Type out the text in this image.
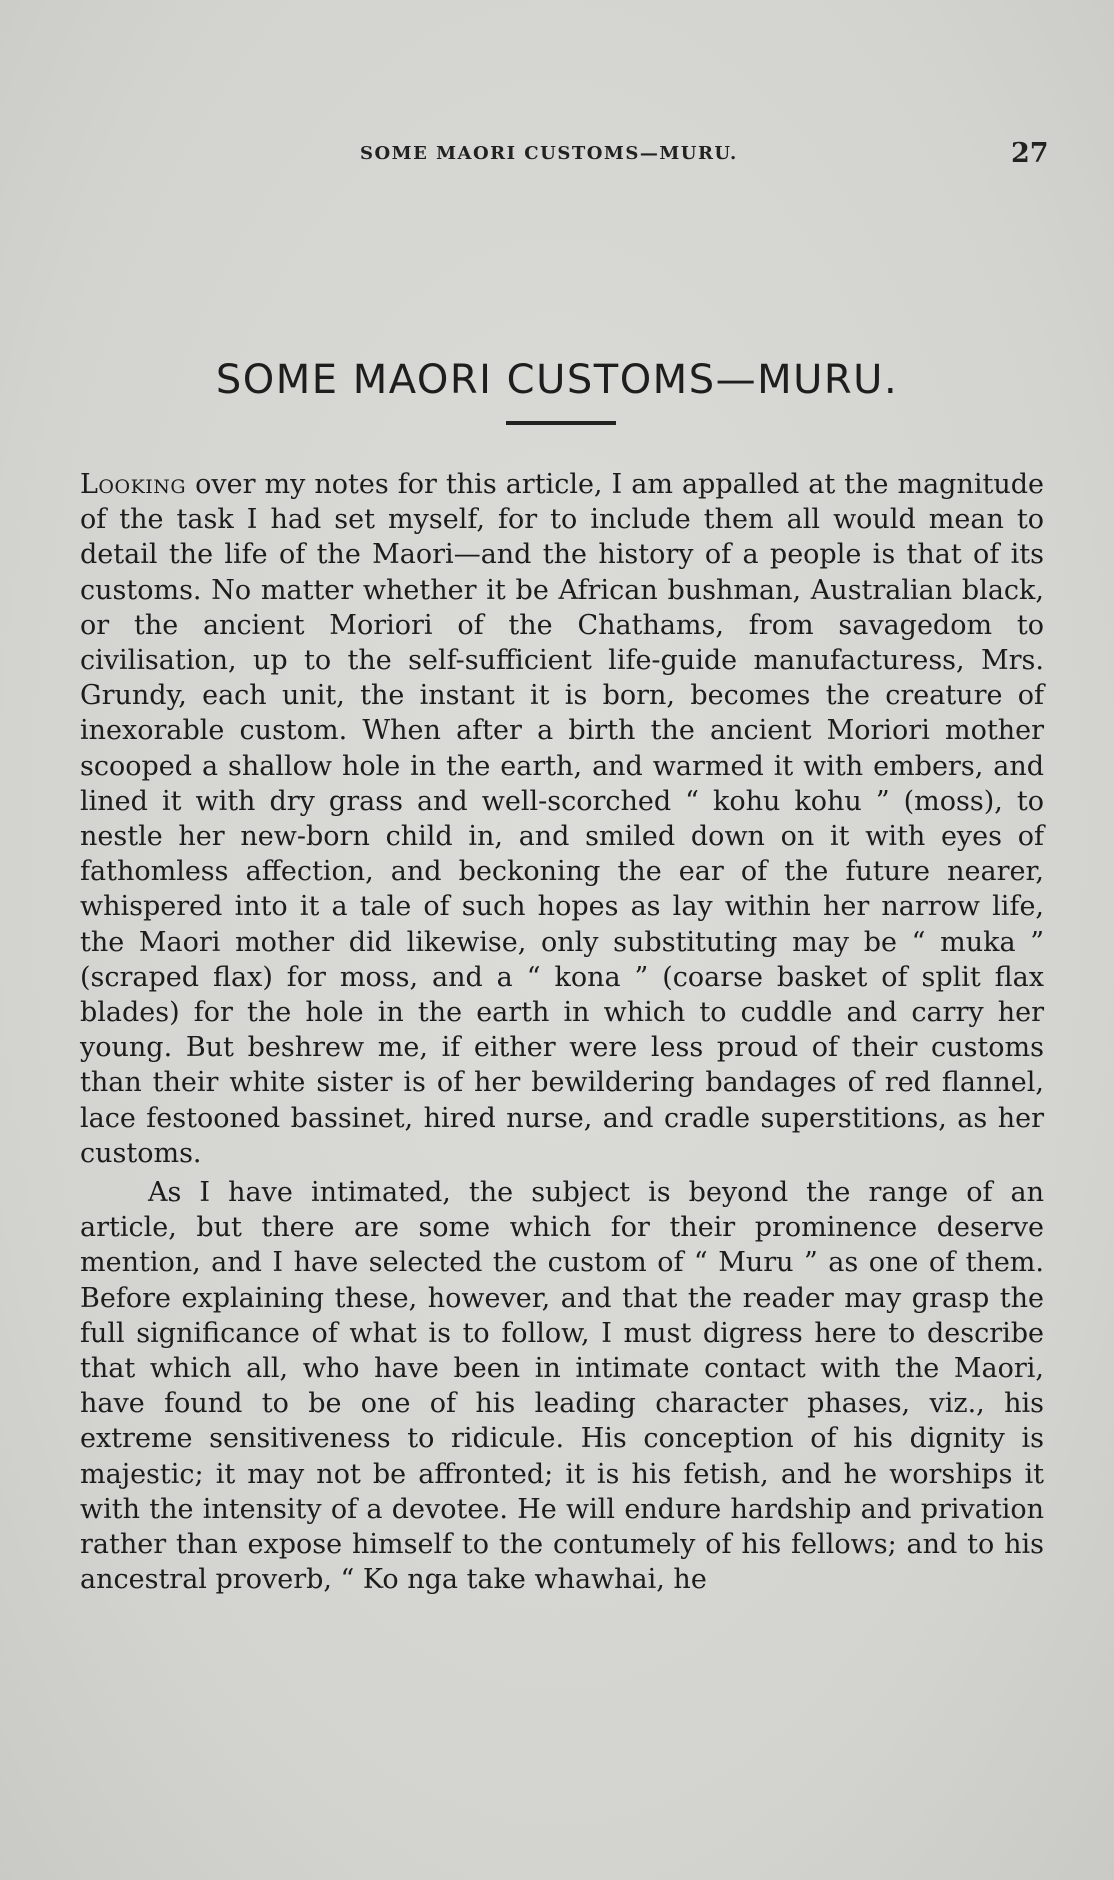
SOME MAORI CUSTOMS—MURU.	27
SOME MAORI CUSTOMS—MURU.

Looking over my notes for this article, I am appalled at the magnitude of the task I had set myself, for to include them all would mean to detail the life of the Maori—and the history of a people is that of its customs. No matter whether it be African bushman, Australian black, or the ancient Moriori of the Chathams, from savagedom to civilisation, up to the self-sufficient life-guide manufacturess, Mrs. Grundy, each unit, the instant it is born, becomes the creature of inexorable custom. When after a birth the ancient Moriori mother scooped a shallow hole in the earth, and warmed it with embers, and lined it with dry grass and well-scorched “ kohu kohu ” (moss), to nestle her new-born child in, and smiled down on it with eyes of fathomless affection, and beckoning the ear of the future nearer, whispered into it a tale of such hopes as lay within her narrow life, the Maori mother did likewise, only substituting may be “ muka ” (scraped flax) for moss, and a “ kona ” (coarse basket of split flax blades) for the hole in the earth in which to cuddle and carry her young. But beshrew me, if either were less proud of their customs than their white sister is of her bewildering bandages of red flannel, lace festooned bassinet, hired nurse, and cradle superstitions, as her customs.

As I have intimated, the subject is beyond the range of an article, but there are some which for their prominence deserve mention, and I have selected the custom of “ Muru ” as one of them. Before explaining these, however, and that the reader may grasp the full significance of what is to follow, I must digress here to describe that which all, who have been in intimate contact with the Maori, have found to be one of his leading character phases, viz., his extreme sensitiveness to ridicule. His conception of his dignity is majestic; it may not be affronted; it is his fetish, and he worships it with the intensity of a devotee. He will endure hardship and privation rather than expose himself to the contumely of his fellows; and to his ancestral proverb, “ Ko nga take whawhai, he
